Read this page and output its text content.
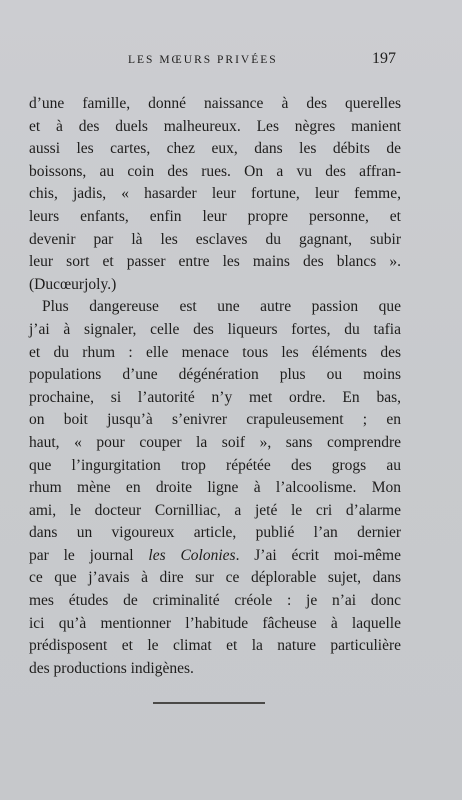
LES MŒURS PRIVÉES	197
d’une famille, donné naissance à des querelles
et à des duels malheureux. Les nègres manient
aussi les cartes, chez eux, dans les débits de
boissons, au coin des rues. On a vu des affran-
chis, jadis, « hasarder leur fortune, leur femme,
leurs enfants, enfin leur propre personne, et
devenir par là les esclaves du gagnant, subir
leur sort et passer entre les mains des blancs ».
(Ducœurjoly.)
Plus dangereuse est une autre passion que
j’ai à signaler, celle des liqueurs fortes, du tafia
et du rhum : elle menace tous les éléments des
populations d’une dégénération plus ou moins
prochaine, si l’autorité n’y met ordre. En bas,
on boit jusqu’à s’enivrer crapuleusement ; en
haut, « pour couper la soif », sans comprendre
que l’ingurgitation trop répétée des grogs au
rhum mène en droite ligne à l’alcoolisme. Mon
ami, le docteur Cornilliac, a jeté le cri d’alarme
dans un vigoureux article, publié l’an dernier
par le journal les Colonies. J’ai écrit moi-même
ce que j’avais à dire sur ce déplorable sujet, dans
mes études de criminalité créole : je n’ai donc
ici qu’à mentionner l’habitude fâcheuse à laquelle
prédisposent et le climat et la nature particulière
des productions indigènes.
